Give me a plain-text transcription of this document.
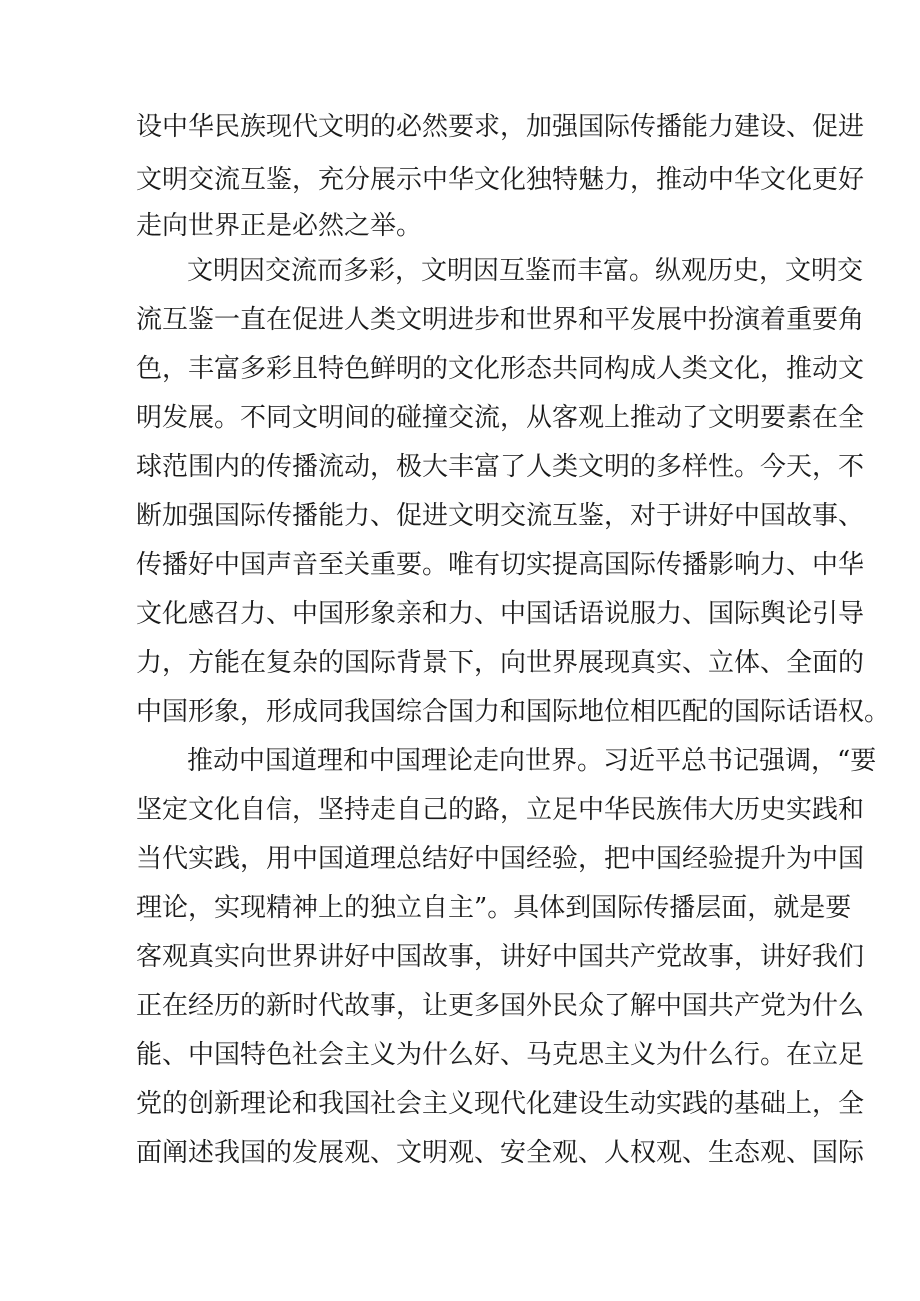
设中华民族现代文明的必然要求，加强国际传播能力建设、促进
文明交流互鉴，充分展示中华文化独特魅力，推动中华文化更好
走向世界正是必然之举。
文明因交流而多彩，文明因互鉴而丰富。纵观历史，文明交
流互鉴一直在促进人类文明进步和世界和平发展中扮演着重要角
色，丰富多彩且特色鲜明的文化形态共同构成人类文化，推动文
明发展。不同文明间的碰撞交流，从客观上推动了文明要素在全
球范围内的传播流动，极大丰富了人类文明的多样性。今天，不
断加强国际传播能力、促进文明交流互鉴，对于讲好中国故事、
传播好中国声音至关重要。唯有切实提高国际传播影响力、中华
文化感召力、中国形象亲和力、中国话语说服力、国际舆论引导
力，方能在复杂的国际背景下，向世界展现真实、立体、全面的
中国形象，形成同我国综合国力和国际地位相匹配的国际话语权。
推动中国道理和中国理论走向世界。习近平总书记强调，“要
坚定文化自信，坚持走自己的路，立足中华民族伟大历史实践和
当代实践，用中国道理总结好中国经验，把中国经验提升为中国
理论，实现精神上的独立自主”。具体到国际传播层面，就是要
客观真实向世界讲好中国故事，讲好中国共产党故事，讲好我们
正在经历的新时代故事，让更多国外民众了解中国共产党为什么
能、中国特色社会主义为什么好、马克思主义为什么行。在立足
党的创新理论和我国社会主义现代化建设生动实践的基础上，全
面阐述我国的发展观、文明观、安全观、人权观、生态观、国际
